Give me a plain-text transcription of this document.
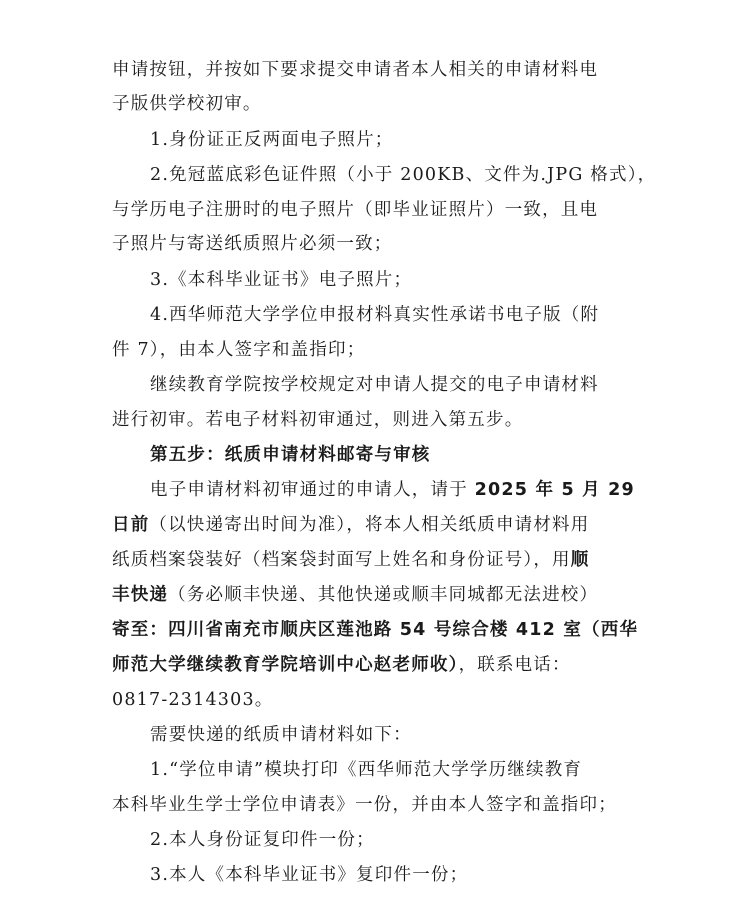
申请按钮，并按如下要求提交申请者本人相关的申请材料电
子版供学校初审。
1.身份证正反两面电子照片；
2.免冠蓝底彩色证件照（小于 200KB、文件为.JPG 格式），
与学历电子注册时的电子照片（即毕业证照片）一致，且电
子照片与寄送纸质照片必须一致；
3.《本科毕业证书》电子照片；
4.西华师范大学学位申报材料真实性承诺书电子版（附
件 7），由本人签字和盖指印；
继续教育学院按学校规定对申请人提交的电子申请材料
进行初审。若电子材料初审通过，则进入第五步。
第五步：纸质申请材料邮寄与审核
电子申请材料初审通过的申请人，请于 2025 年 5 月 29
日前（以快递寄出时间为准），将本人相关纸质申请材料用
纸质档案袋装好（档案袋封面写上姓名和身份证号），用顺
丰快递（务必顺丰快递、其他快递或顺丰同城都无法进校）
寄至：四川省南充市顺庆区莲池路 54 号综合楼 412 室（西华
师范大学继续教育学院培训中心赵老师收），联系电话：
0817-2314303。
需要快递的纸质申请材料如下：
1.“学位申请”模块打印《西华师范大学学历继续教育
本科毕业生学士学位申请表》一份，并由本人签字和盖指印；
2.本人身份证复印件一份；
3.本人《本科毕业证书》复印件一份；
